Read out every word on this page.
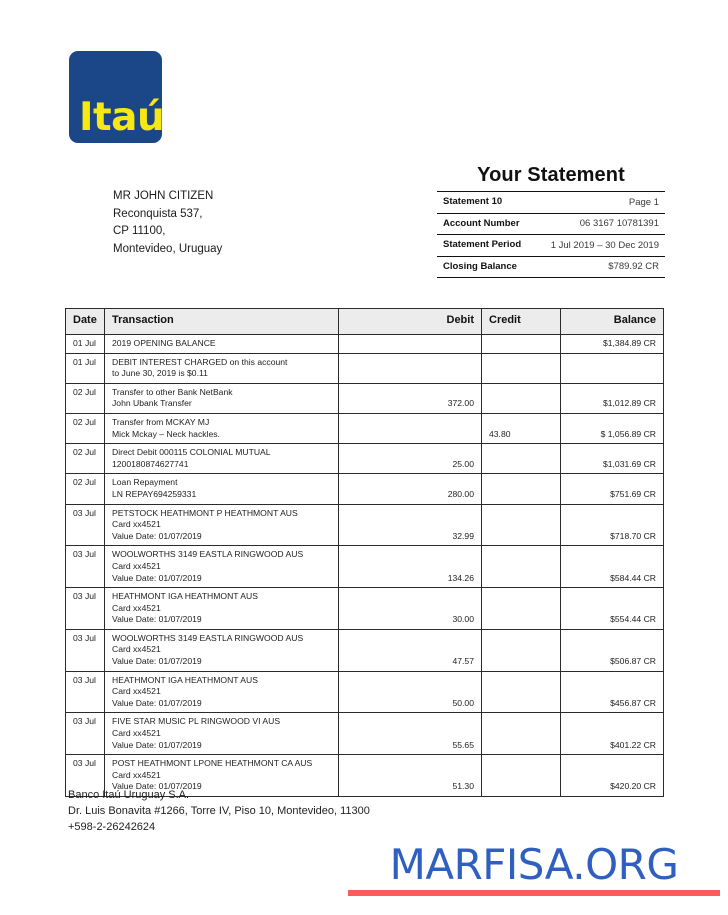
Itaú
MR JOHN CITIZEN
Reconquista 537,
CP 11100,
Montevideo, Uruguay
Your Statement
Statement 10	Page 1
Account Number	06 3167 10781391
Statement Period	1 Jul 2019 – 30 Dec 2019
Closing Balance	$789.92 CR
Date	Transaction	Debit	Credit	Balance
01 Jul	2019 OPENING BALANCE			$1,384.89 CR

01 Jul	DEBIT INTEREST CHARGED on this account
to June 30, 2019 is $0.11			

02 Jul	Transfer to other Bank NetBank
John Ubank Transfer	372.00		$1,012.89 CR

02 Jul	Transfer from MCKAY MJ
Mick Mckay – Neck hackles.		43.80	$ 1,056.89 CR

02 Jul	Direct Debit 000115 COLONIAL MUTUAL
1200180874627741	25.00		$1,031.69 CR

02 Jul	Loan Repayment
LN REPAY694259331	280.00		$751.69 CR

03 Jul	PETSTOCK HEATHMONT P HEATHMONT AUS
Card xx4521
Value Date: 01/07/2019	32.99		$718.70 CR

03 Jul	WOOLWORTHS 3149 EASTLA RINGWOOD AUS
Card xx4521
Value Date: 01/07/2019	134.26		$584.44 CR

03 Jul	HEATHMONT IGA HEATHMONT AUS
Card xx4521
Value Date: 01/07/2019	30.00		$554.44 CR

03 Jul	WOOLWORTHS 3149 EASTLA RINGWOOD AUS
Card xx4521
Value Date: 01/07/2019	47.57		$506.87 CR

03 Jul	HEATHMONT IGA HEATHMONT AUS
Card xx4521
Value Date: 01/07/2019	50.00		$456.87 CR

03 Jul	FIVE STAR MUSIC PL RINGWOOD VI AUS
Card xx4521
Value Date: 01/07/2019	55.65		$401.22 CR

03 Jul	POST HEATHMONT LPONE HEATHMONT CA AUS
Card xx4521
Value Date: 01/07/2019	51.30		$420.20 CR
Banco Itaú Uruguay S.A.
Dr. Luis Bonavita #1266, Torre IV, Piso 10, Montevideo, 11300
+598-2-26242624
MARFISA.ORG
